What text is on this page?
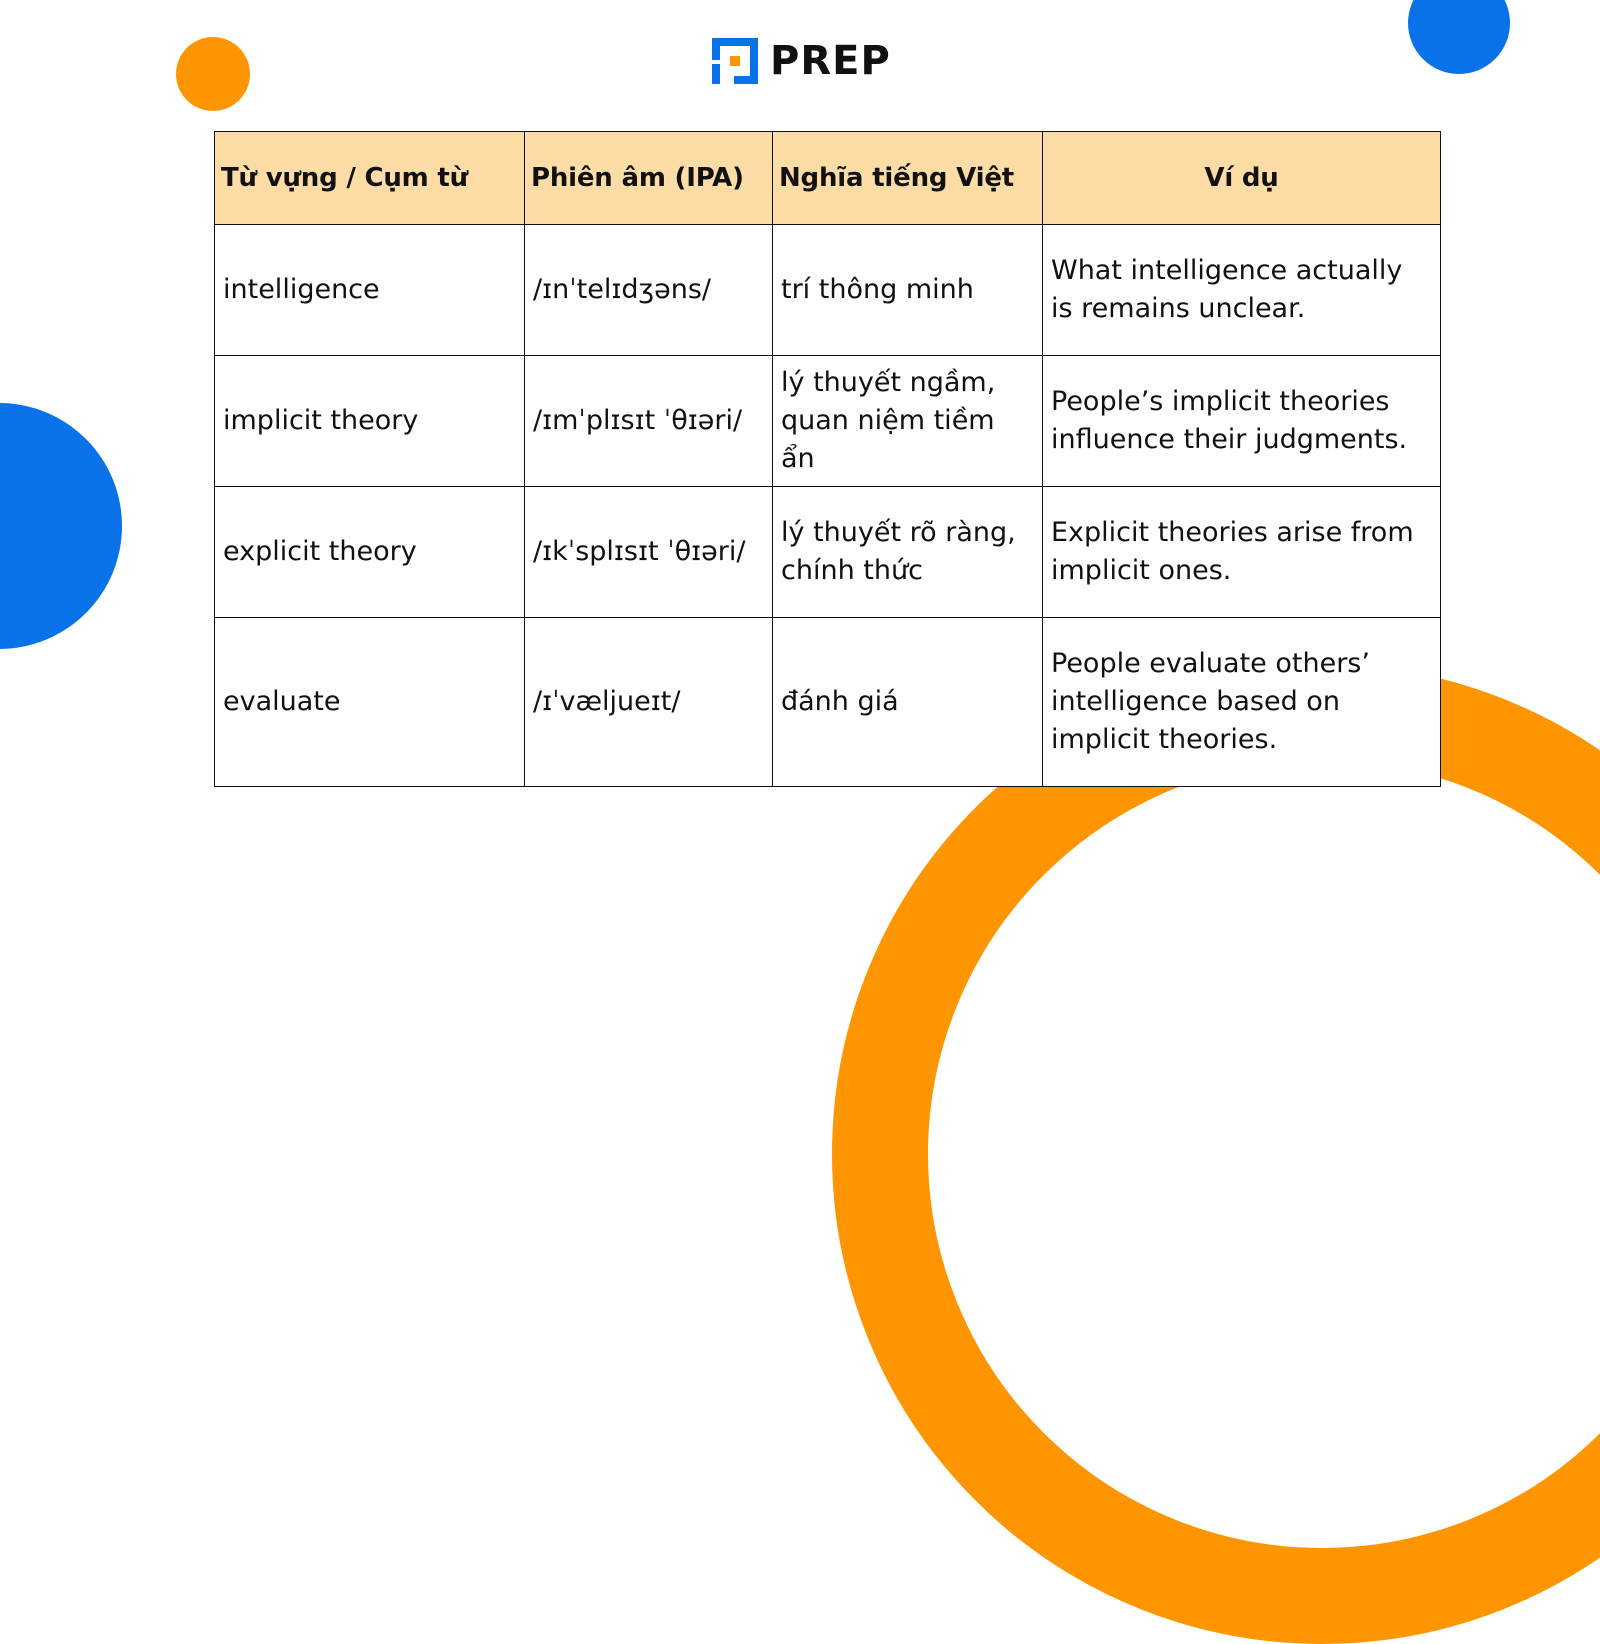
PREP
Từ vựng / Cụm từ	Phiên âm (IPA)	Nghĩa tiếng Việt	Ví dụ
intelligence	/ɪnˈtelɪdʒəns/	trí thông minh	What intelligence actually is remains unclear.
implicit theory	/ɪmˈplɪsɪt ˈθɪəri/	lý thuyết ngầm, quan niệm tiềm ẩn	People’s implicit theories influence their judgments.
explicit theory	/ɪkˈsplɪsɪt ˈθɪəri/	lý thuyết rõ ràng, chính thức	Explicit theories arise from implicit ones.
evaluate	/ɪˈvæljueɪt/	đánh giá	People evaluate others’ intelligence based on implicit theories.
